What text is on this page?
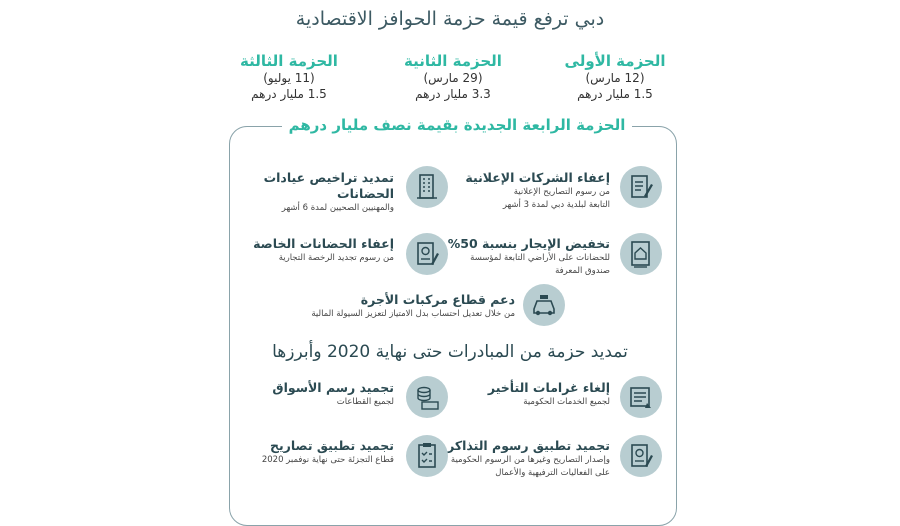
دبي ترفع قيمة حزمة الحوافز الاقتصادية
الحزمة الأولى
(12 مارس)
1.5 مليار درهم
الحزمة الثانية
(29 مارس)
3.3 مليار درهم
الحزمة الثالثة
(11 يوليو)
1.5 مليار درهم
الحزمة الرابعة الجديدة بقيمة نصف مليار درهم
إعفاء الشركات الإعلانية
من رسوم التصاريح الإعلانية
التابعة لبلدية دبي لمدة 3 أشهر
تمديد تراخيص عيادات الحضانات
والمهنيين الصحيين لمدة 6 أشهر
تخفيض الإيجار بنسبة 50%
للحضانات على الأراضي التابعة لمؤسسة
صندوق المعرفة
إعفاء الحضانات الخاصة
من رسوم تجديد الرخصة التجارية
دعم قطاع مركبات الأجرة
من خلال تعديل احتساب بدل الامتياز لتعزيز السيولة المالية
تمديد حزمة من المبادرات حتى نهاية 2020 وأبرزها
إلغاء غرامات التأخير
لجميع الخدمات الحكومية
تجميد رسم الأسواق
لجميع القطاعات
تجميد تطبيق رسوم التذاكر
وإصدار التصاريح وغيرها من الرسوم الحكومية
على الفعاليات الترفيهية والأعمال
تجميد تطبيق تصاريح
قطاع التجزئة حتى نهاية نوفمبر 2020
